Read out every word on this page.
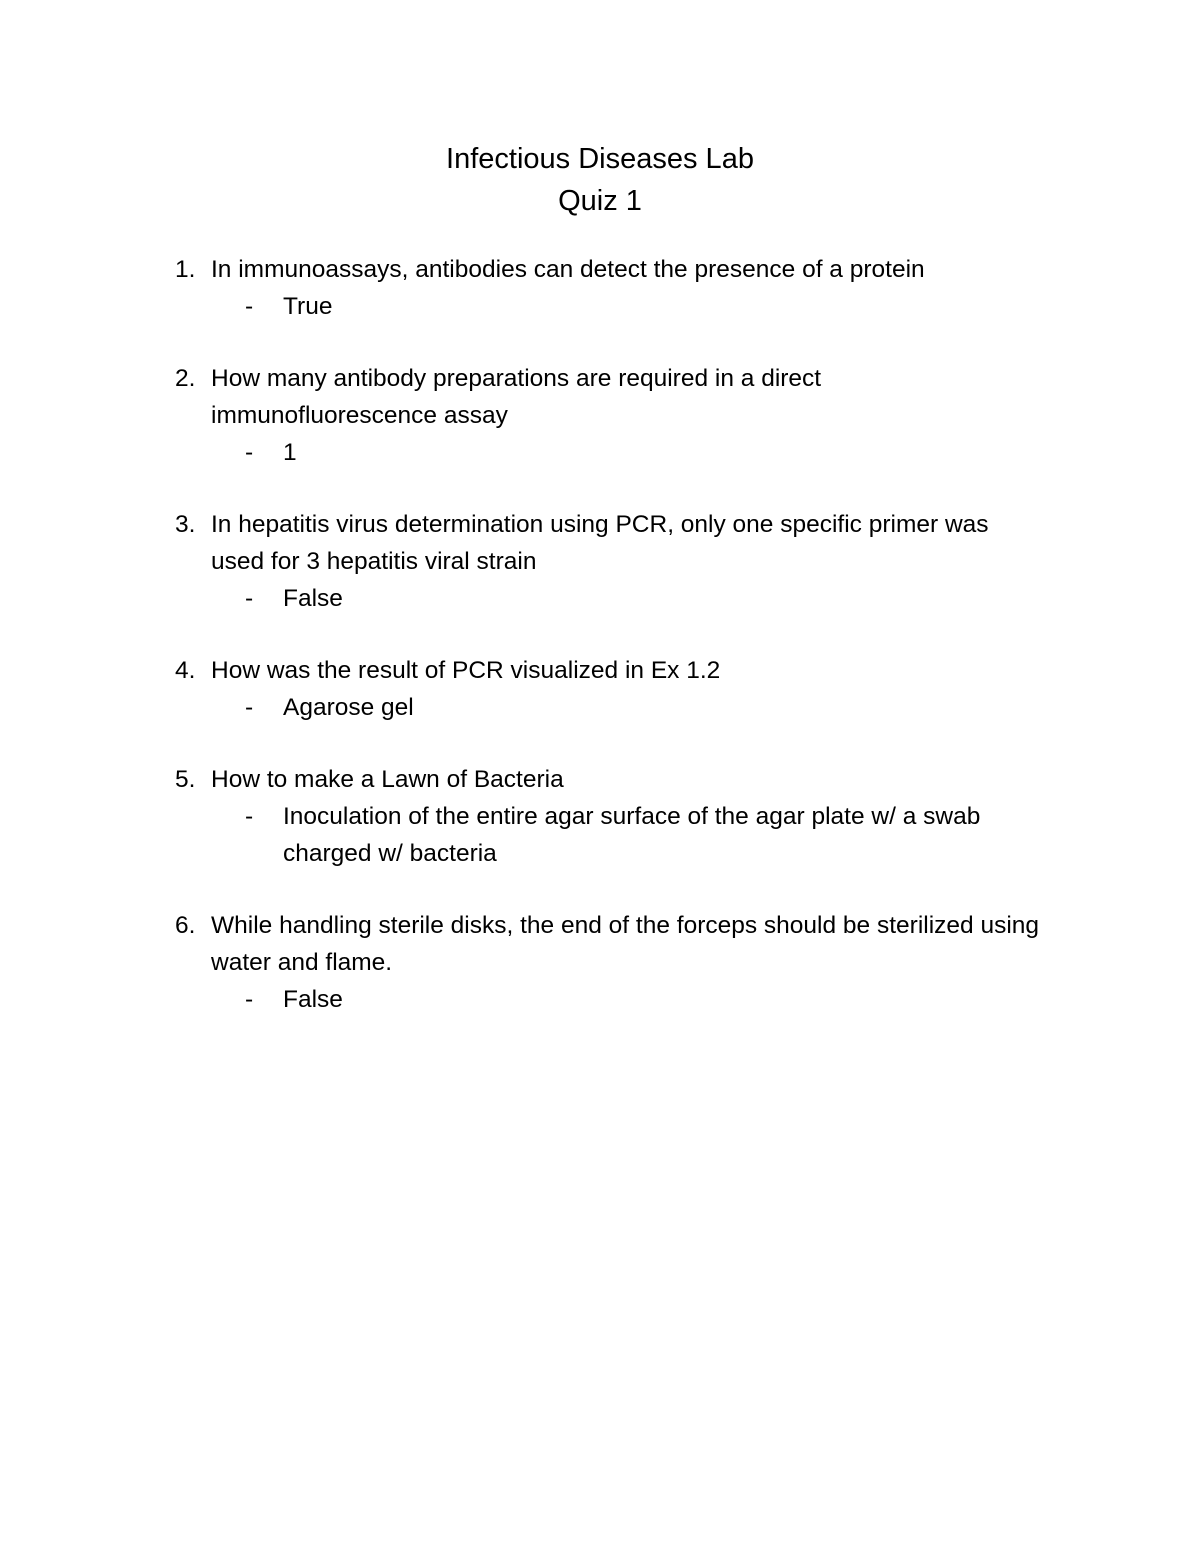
Infectious Diseases Lab
Quiz 1
1. In immunoassays, antibodies can detect the presence of a protein
- True
2. How many antibody preparations are required in a direct immunofluorescence assay
- 1
3. In hepatitis virus determination using PCR, only one specific primer was used for 3 hepatitis viral strain
- False
4. How was the result of PCR visualized in Ex 1.2
- Agarose gel
5. How to make a Lawn of Bacteria
- Inoculation of the entire agar surface of the agar plate w/ a swab charged w/ bacteria
6. While handling sterile disks, the end of the forceps should be sterilized using water and flame.
- False
